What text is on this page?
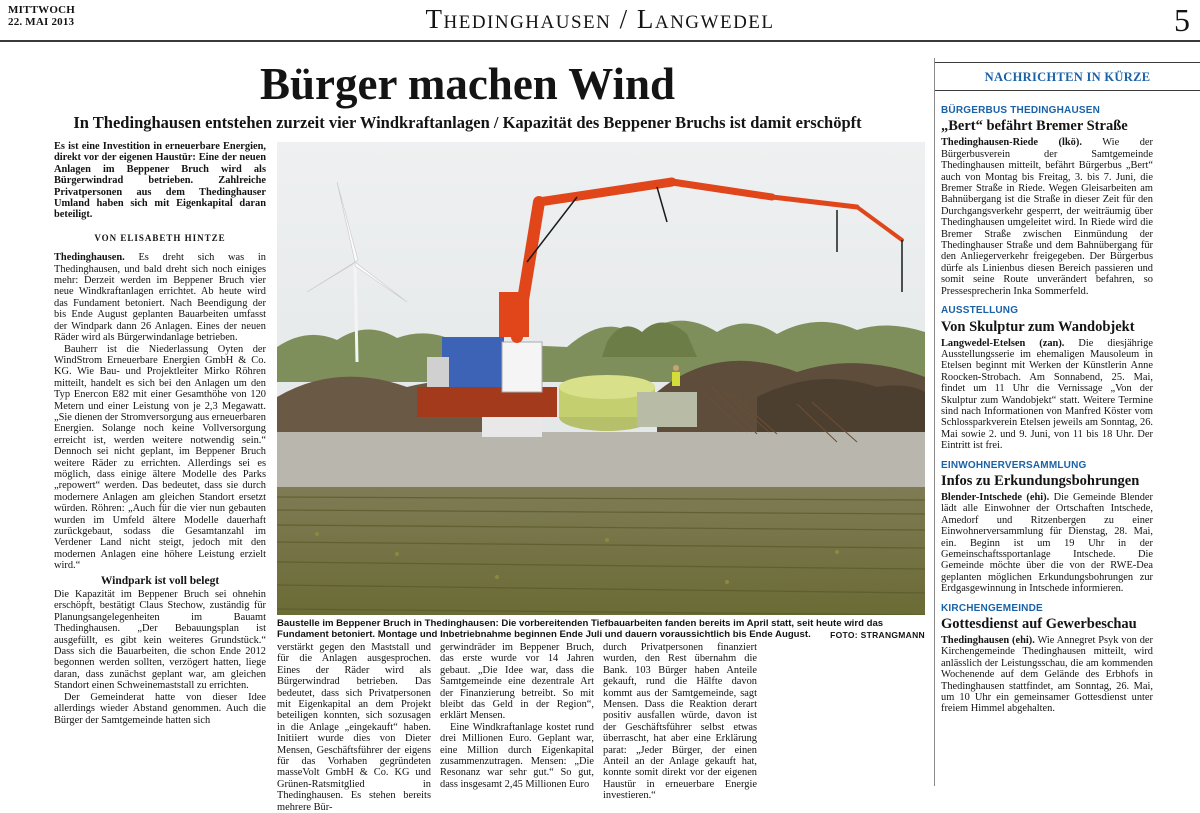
MITTWOCH
22. MAI 2013	Thedinghausen / Langwedel	5
Bürger machen Wind
In Thedinghausen entstehen zurzeit vier Windkraftanlagen / Kapazität des Beppener Bruchs ist damit erschöpft
Es ist eine Investition in erneuerbare Energien, direkt vor der eigenen Haustür: Eine der neuen Anlagen im Beppener Bruch wird als Bürgerwindrad betrieben. Zahlreiche Privatpersonen aus dem Thedinghauser Umland haben sich mit Eigenkapital daran beteiligt.
VON ELISABETH HINTZE

Thedinghausen. Es dreht sich was in Thedinghausen, und bald dreht sich noch einiges mehr: Derzeit werden im Beppener Bruch vier neue Windkraftanlagen errichtet. Ab heute wird das Fundament betoniert. Nach Beendigung der bis Ende August geplanten Bauarbeiten umfasst der Windpark dann 26 Anlagen. Eines der neuen Räder wird als Bürgerwindanlage betrieben.

Bauherr ist die Niederlassung Oyten der WindStrom Erneuerbare Energien GmbH & Co. KG. Wie Bau- und Projektleiter Mirko Röhren mitteilt, handelt es sich bei den Anlagen um den Typ Enercon E82 mit einer Gesamthöhe von 120 Metern und einer Leistung von je 2,3 Megawatt. „Sie dienen der Stromversorgung aus erneuerbaren Energien. Solange noch keine Vollversorgung erreicht ist, werden weitere notwendig sein.“ Dennoch sei nicht geplant, im Beppener Bruch weitere Räder zu errichten. Allerdings sei es möglich, dass einige ältere Modelle des Parks „repowert“ werden. Das bedeutet, dass sie durch modernere Anlagen am gleichen Standort ersetzt würden. Röhren: „Auch für die vier nun gebauten wurden im Umfeld ältere Modelle dauerhaft zurückgebaut, sodass die Gesamtanzahl im Verdener Land nicht steigt, jedoch mit den modernen Anlagen eine höhere Leistung erzielt wird.“

Windpark ist voll belegt

Die Kapazität im Beppener Bruch sei ohnehin erschöpft, bestätigt Claus Stechow, zuständig für Planungsangelegenheiten im Bauamt Thedinghausen. „Der Bebauungsplan ist ausgefüllt, es gibt kein weiteres Grundstück.“ Dass sich die Bauarbeiten, die schon Ende 2012 begonnen werden sollten, verzögert hatten, liege daran, dass zunächst geplant war, am gleichen Standort einen Schweinemaststall zu errichten.

Der Gemeinderat hatte von dieser Idee allerdings wieder Abstand genommen. Auch die Bürger der Samtgemeinde hatten sich

Baustelle im Beppener Bruch in Thedinghausen: Die vorbereitenden Tiefbauarbeiten fanden bereits im April statt, seit heute wird das Fundament betoniert. Montage und Inbetriebnahme beginnen Ende Juli und dauern voraussichtlich bis Ende August. FOTO: STRANGMANN

verstärkt gegen den Maststall und für die Anlagen ausgesprochen. Eines der Räder wird als Bürgerwindrad betrieben. Das bedeutet, dass sich Privatpersonen mit Eigenkapital an dem Projekt beteiligen konnten, sich sozusagen in die Anlage „eingekauft“ haben. Initiiert wurde dies von Dieter Mensen, Geschäftsführer der eigens für das Vorhaben gegründeten masseVolt GmbH & Co. KG und Grünen-Ratsmitglied in Thedinghausen. Es stehen bereits mehrere Bür-

gerwindräder im Beppener Bruch, das erste wurde vor 14 Jahren gebaut. „Die Idee war, dass die Samtgemeinde eine dezentrale Art der Finanzierung betreibt. So mit bleibt das Geld in der Region“, erklärt Mensen.

Eine Windkraftanlage kostet rund drei Millionen Euro. Geplant war, eine Million durch Eigenkapital zusammenzutragen. Mensen: „Die Resonanz war sehr gut.“ So gut, dass insgesamt 2,45 Millionen Euro

durch Privatpersonen finanziert wurden, den Rest übernahm die Bank. 103 Bürger haben Anteile gekauft, rund die Hälfte davon kommt aus der Samtgemeinde, sagt Mensen. Dass die Reaktion derart positiv ausfallen würde, davon ist der Geschäftsführer selbst etwas überrascht, hat aber eine Erklärung parat: „Jeder Bürger, der einen Anteil an der Anlage gekauft hat, konnte somit direkt vor der eigenen Haustür in erneuerbare Energie investieren.“

NACHRICHTEN IN KÜRZE
BÜRGERBUS THEDINGHAUSEN
„Bert“ befährt Bremer Straße

Thedinghausen-Riede (lkö). Wie der Bürgerbusverein der Samtgemeinde Thedinghausen mitteilt, befährt Bürgerbus „Bert“ auch von Montag bis Freitag, 3. bis 7. Juni, die Bremer Straße in Riede. Wegen Gleisarbeiten am Bahnübergang ist die Straße in dieser Zeit für den Durchgangsverkehr gesperrt, der weiträumig über Thedinghausen umgeleitet wird. In Riede wird die Bremer Straße zwischen Einmündung der Thedinghauser Straße und dem Bahnübergang für den Anliegerverkehr freigegeben. Der Bürgerbus dürfe als Linienbus diesen Bereich passieren und somit seine Route unverändert befahren, so Pressesprecherin Inka Sommerfeld.

AUSSTELLUNG
Von Skulptur zum Wandobjekt

Langwedel-Etelsen (zan). Die diesjährige Ausstellungsserie im ehemaligen Mausoleum in Etelsen beginnt mit Werken der Künstlerin Anne Roocken-Strobach. Am Sonnabend, 25. Mai, findet um 11 Uhr die Vernissage „Von der Skulptur zum Wandobjekt“ statt. Weitere Termine sind nach Informationen von Manfred Köster vom Schlossparkverein Etelsen jeweils am Sonntag, 26. Mai sowie 2. und 9. Juni, von 11 bis 18 Uhr. Der Eintritt ist frei.

EINWOHNERVERSAMMLUNG
Infos zu Erkundungsbohrungen

Blender-Intschede (ehi). Die Gemeinde Blender lädt alle Einwohner der Ortschaften Intschede, Amedorf und Ritzenbergen zu einer Einwohnerversammlung für Dienstag, 28. Mai, ein. Beginn ist um 19 Uhr in der Gemeinschaftssportanlage Intschede. Die Gemeinde möchte über die von der RWE-Dea geplanten möglichen Erkundungsbohrungen zur Erdgasgewinnung in Intschede informieren.

KIRCHENGEMEINDE
Gottesdienst auf Gewerbeschau

Thedinghausen (ehi). Wie Annegret Psyk von der Kirchengemeinde Thedinghausen mitteilt, wird anlässlich der Leistungsschau, die am kommenden Wochenende auf dem Gelände des Erbhofs in Thedinghausen stattfindet, am Sonntag, 26. Mai, um 10 Uhr ein gemeinsamer Gottesdienst unter freiem Himmel abgehalten.
